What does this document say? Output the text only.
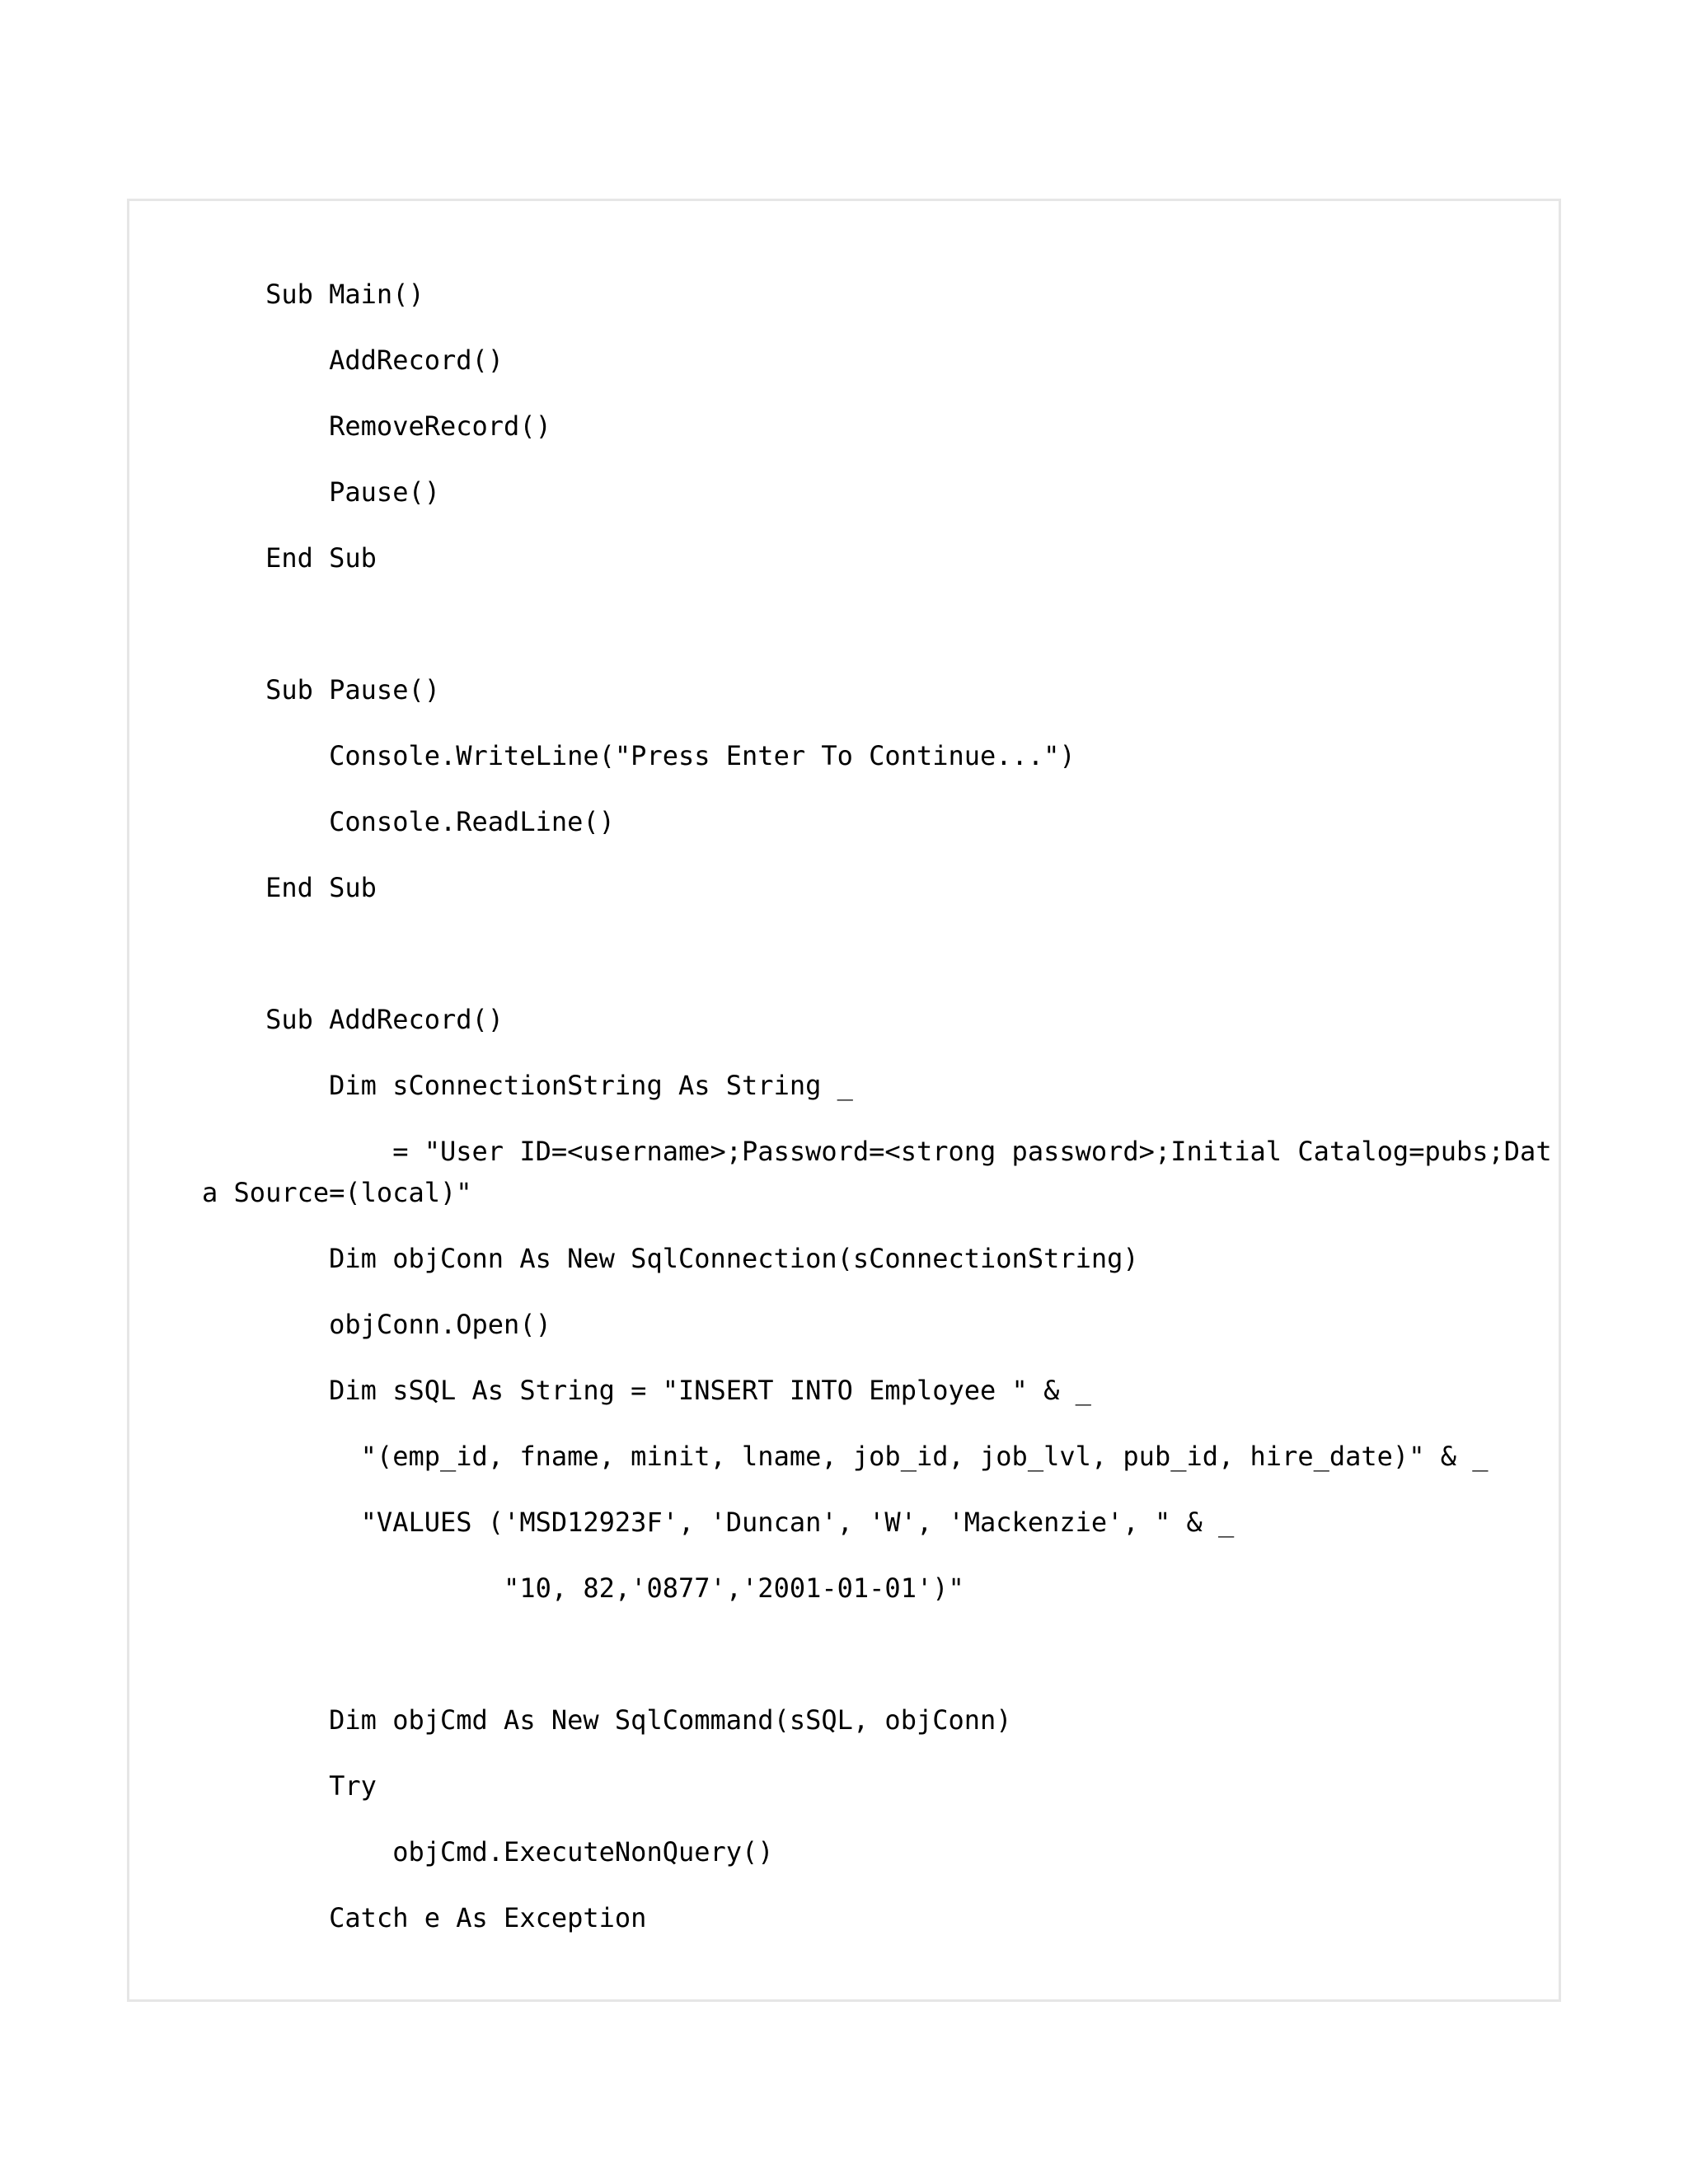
Sub Main()
AddRecord()
RemoveRecord()
Pause()
End Sub
Sub Pause()
Console.WriteLine("Press Enter To Continue...")
Console.ReadLine()
End Sub
Sub AddRecord()
Dim sConnectionString As String _
= "User ID=<username>;Password=<strong password>;Initial Catalog=pubs;Dat
a Source=(local)"
Dim objConn As New SqlConnection(sConnectionString)
objConn.Open()
Dim sSQL As String = "INSERT INTO Employee " & _
"(emp_id, fname, minit, lname, job_id, job_lvl, pub_id, hire_date)" & _
"VALUES ('MSD12923F', 'Duncan', 'W', 'Mackenzie', " & _
"10, 82,'0877','2001-01-01')"
Dim objCmd As New SqlCommand(sSQL, objConn)
Try
objCmd.ExecuteNonQuery()
Catch e As Exception
